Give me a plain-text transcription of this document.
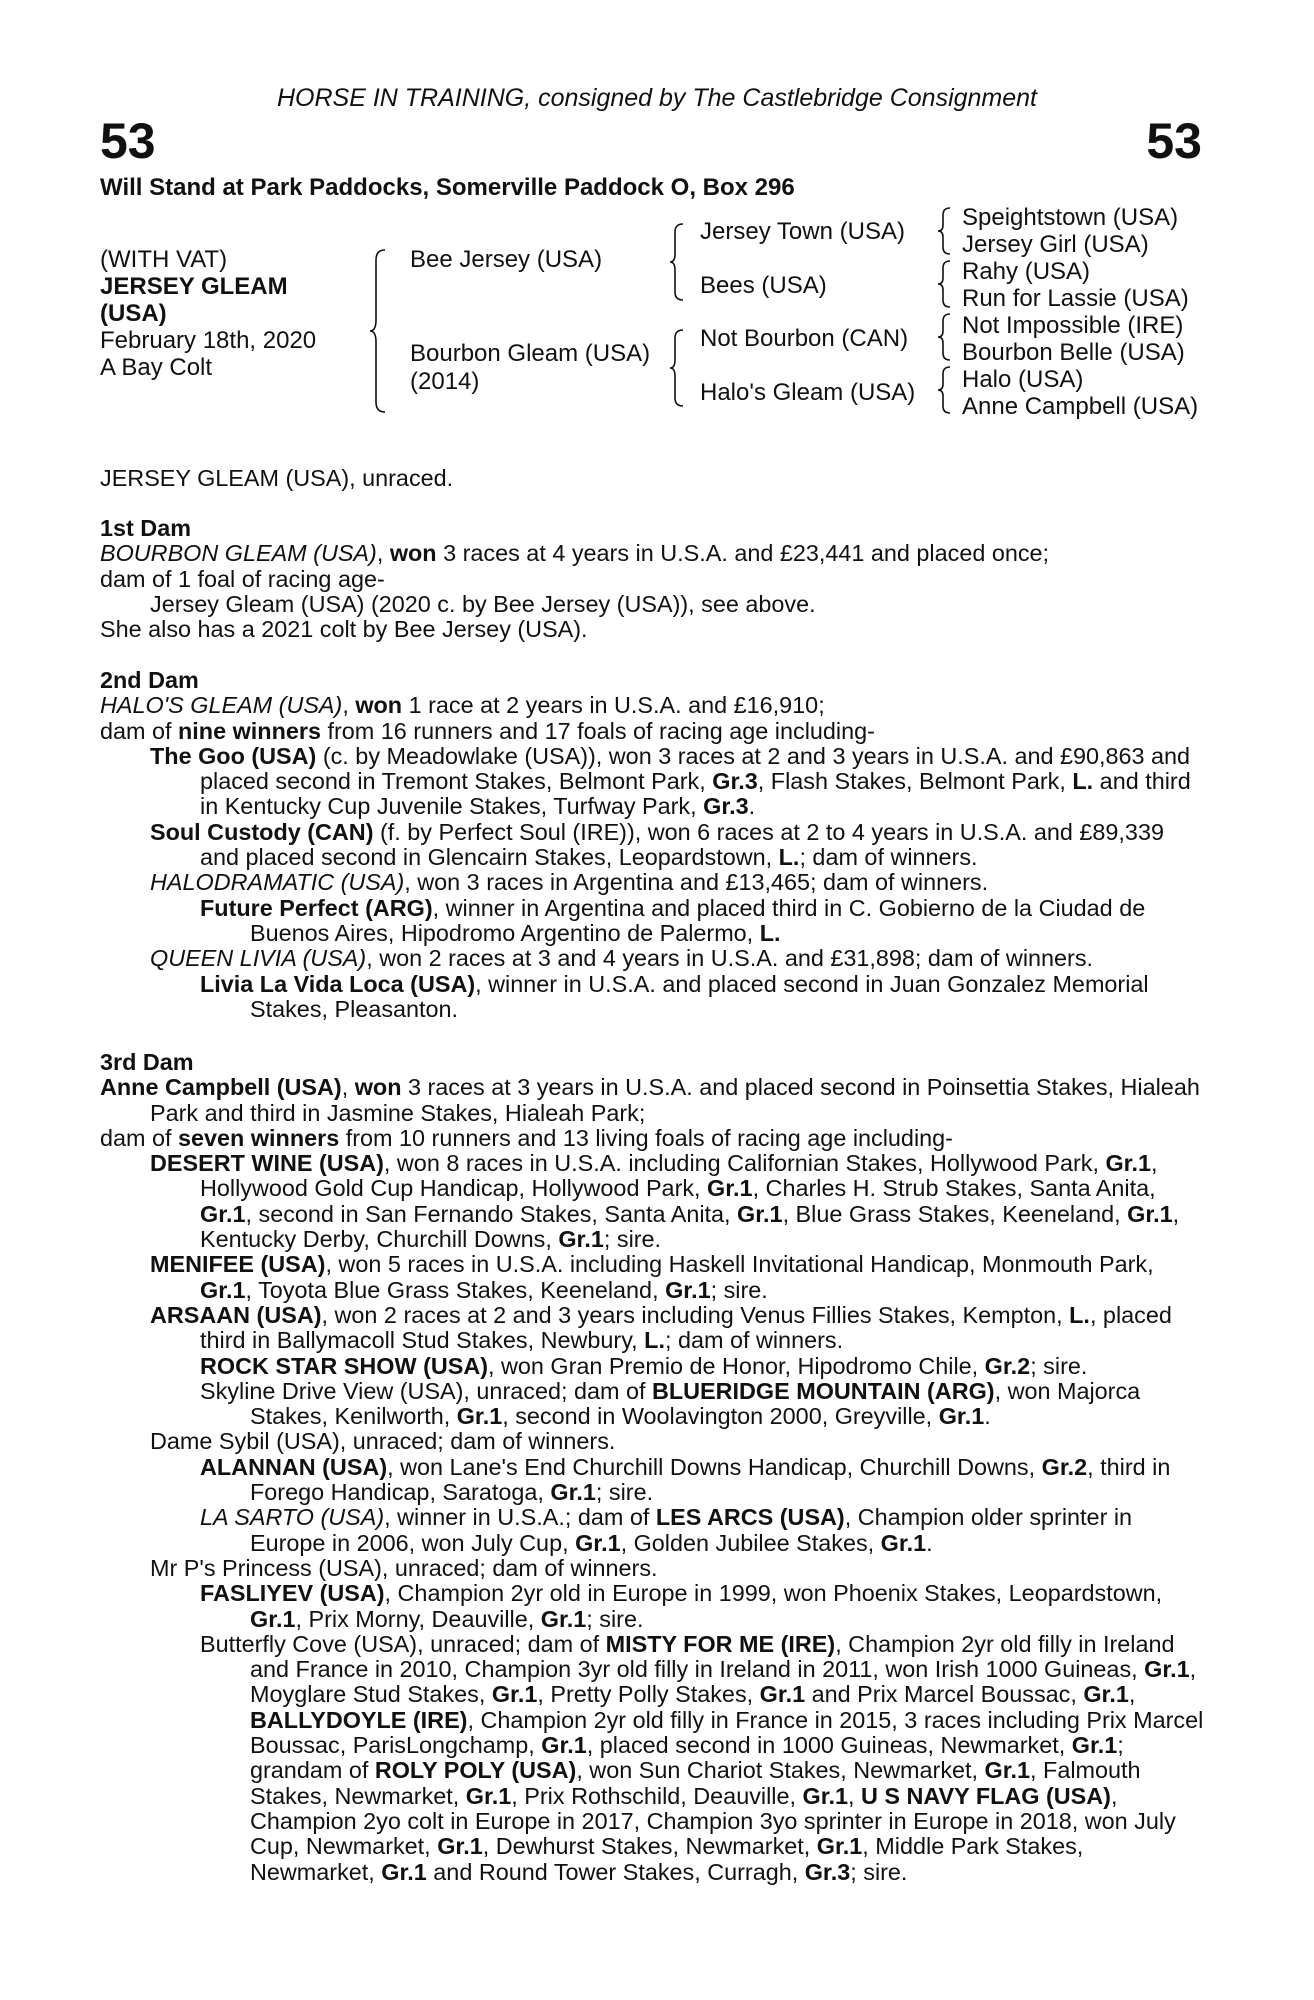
HORSE IN TRAINING, consigned by The Castlebridge Consignment
53	53
Will Stand at Park Paddocks, Somerville Paddock O, Box 296
(WITH VAT)
JERSEY GLEAM
(USA)
February 18th, 2020
A Bay Colt
Bee Jersey (USA)
Bourbon Gleam (USA)
(2014)
Jersey Town (USA)
Bees (USA)
Not Bourbon (CAN)
Halo's Gleam (USA)
Speightstown (USA)
Jersey Girl (USA)
Rahy (USA)
Run for Lassie (USA)
Not Impossible (IRE)
Bourbon Belle (USA)
Halo (USA)
Anne Campbell (USA)

JERSEY GLEAM (USA), unraced.

1st Dam

BOURBON GLEAM (USA), won 3 races at 4 years in U.S.A. and £23,441 and placed once;

dam of 1 foal of racing age-

Jersey Gleam (USA) (2020 c. by Bee Jersey (USA)), see above.

She also has a 2021 colt by Bee Jersey (USA).

2nd Dam

HALO'S GLEAM (USA), won 1 race at 2 years in U.S.A. and £16,910;

dam of nine winners from 16 runners and 17 foals of racing age including-

The Goo (USA) (c. by Meadowlake (USA)), won 3 races at 2 and 3 years in U.S.A. and £90,863 and placed second in Tremont Stakes, Belmont Park, Gr.3, Flash Stakes, Belmont Park, L. and third in Kentucky Cup Juvenile Stakes, Turfway Park, Gr.3.

Soul Custody (CAN) (f. by Perfect Soul (IRE)), won 6 races at 2 to 4 years in U.S.A. and £89,339 and placed second in Glencairn Stakes, Leopardstown, L.; dam of winners.

HALODRAMATIC (USA), won 3 races in Argentina and £13,465; dam of winners.

Future Perfect (ARG), winner in Argentina and placed third in C. Gobierno de la Ciudad de Buenos Aires, Hipodromo Argentino de Palermo, L.

QUEEN LIVIA (USA), won 2 races at 3 and 4 years in U.S.A. and £31,898; dam of winners.

Livia La Vida Loca (USA), winner in U.S.A. and placed second in Juan Gonzalez Memorial Stakes, Pleasanton.

3rd Dam

Anne Campbell (USA), won 3 races at 3 years in U.S.A. and placed second in Poinsettia Stakes, Hialeah Park and third in Jasmine Stakes, Hialeah Park;

dam of seven winners from 10 runners and 13 living foals of racing age including-

DESERT WINE (USA), won 8 races in U.S.A. including Californian Stakes, Hollywood Park, Gr.1, Hollywood Gold Cup Handicap, Hollywood Park, Gr.1, Charles H. Strub Stakes, Santa Anita, Gr.1, second in San Fernando Stakes, Santa Anita, Gr.1, Blue Grass Stakes, Keeneland, Gr.1, Kentucky Derby, Churchill Downs, Gr.1; sire.

MENIFEE (USA), won 5 races in U.S.A. including Haskell Invitational Handicap, Monmouth Park, Gr.1, Toyota Blue Grass Stakes, Keeneland, Gr.1; sire.

ARSAAN (USA), won 2 races at 2 and 3 years including Venus Fillies Stakes, Kempton, L., placed third in Ballymacoll Stud Stakes, Newbury, L.; dam of winners.

ROCK STAR SHOW (USA), won Gran Premio de Honor, Hipodromo Chile, Gr.2; sire.

Skyline Drive View (USA), unraced; dam of BLUERIDGE MOUNTAIN (ARG), won Majorca Stakes, Kenilworth, Gr.1, second in Woolavington 2000, Greyville, Gr.1.

Dame Sybil (USA), unraced; dam of winners.

ALANNAN (USA), won Lane's End Churchill Downs Handicap, Churchill Downs, Gr.2, third in Forego Handicap, Saratoga, Gr.1; sire.

LA SARTO (USA), winner in U.S.A.; dam of LES ARCS (USA), Champion older sprinter in Europe in 2006, won July Cup, Gr.1, Golden Jubilee Stakes, Gr.1.

Mr P's Princess (USA), unraced; dam of winners.

FASLIYEV (USA), Champion 2yr old in Europe in 1999, won Phoenix Stakes, Leopardstown, Gr.1, Prix Morny, Deauville, Gr.1; sire.

Butterfly Cove (USA), unraced; dam of MISTY FOR ME (IRE), Champion 2yr old filly in Ireland and France in 2010, Champion 3yr old filly in Ireland in 2011, won Irish 1000 Guineas, Gr.1, Moyglare Stud Stakes, Gr.1, Pretty Polly Stakes, Gr.1 and Prix Marcel Boussac, Gr.1, BALLYDOYLE (IRE), Champion 2yr old filly in France in 2015, 3 races including Prix Marcel Boussac, ParisLongchamp, Gr.1, placed second in 1000 Guineas, Newmarket, Gr.1; grandam of ROLY POLY (USA), won Sun Chariot Stakes, Newmarket, Gr.1, Falmouth Stakes, Newmarket, Gr.1, Prix Rothschild, Deauville, Gr.1, U S NAVY FLAG (USA), Champion 2yo colt in Europe in 2017, Champion 3yo sprinter in Europe in 2018, won July Cup, Newmarket, Gr.1, Dewhurst Stakes, Newmarket, Gr.1, Middle Park Stakes, Newmarket, Gr.1 and Round Tower Stakes, Curragh, Gr.3; sire.
